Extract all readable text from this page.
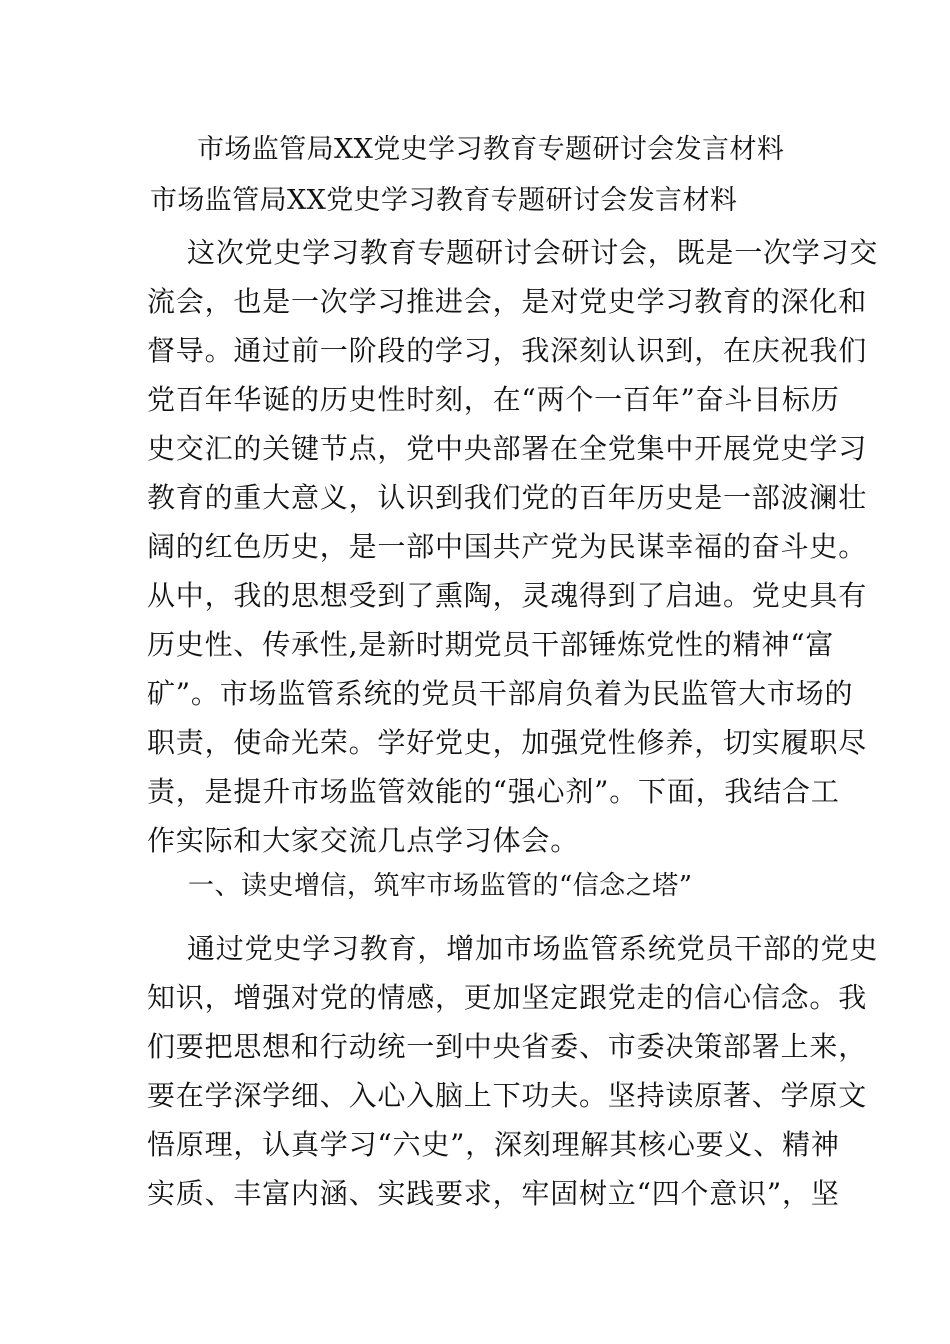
市场监管局XX党史学习教育专题研讨会发言材料
市场监管局XX党史学习教育专题研讨会发言材料
这次党史学习教育专题研讨会研讨会，既是一次学习交
流会，也是一次学习推进会，是对党史学习教育的深化和
督导。通过前一阶段的学习，我深刻认识到，在庆祝我们
党百年华诞的历史性时刻，在“两个一百年”奋斗目标历
史交汇的关键节点，党中央部署在全党集中开展党史学习
教育的重大意义，认识到我们党的百年历史是一部波澜壮
阔的红色历史，是一部中国共产党为民谋幸福的奋斗史。
从中，我的思想受到了熏陶，灵魂得到了启迪。党史具有
历史性、传承性,是新时期党员干部锤炼党性的精神“富
矿”。市场监管系统的党员干部肩负着为民监管大市场的
职责，使命光荣。学好党史，加强党性修养，切实履职尽
责，是提升市场监管效能的“强心剂”。下面，我结合工
作实际和大家交流几点学习体会。
一、读史增信，筑牢市场监管的“信念之塔”
通过党史学习教育，增加市场监管系统党员干部的党史
知识，增强对党的情感，更加坚定跟党走的信心信念。我
们要把思想和行动统一到中央省委、市委决策部署上来，
要在学深学细、入心入脑上下功夫。坚持读原著、学原文
悟原理，认真学习“六史”，深刻理解其核心要义、精神
实质、丰富内涵、实践要求，牢固树立“四个意识”，坚
